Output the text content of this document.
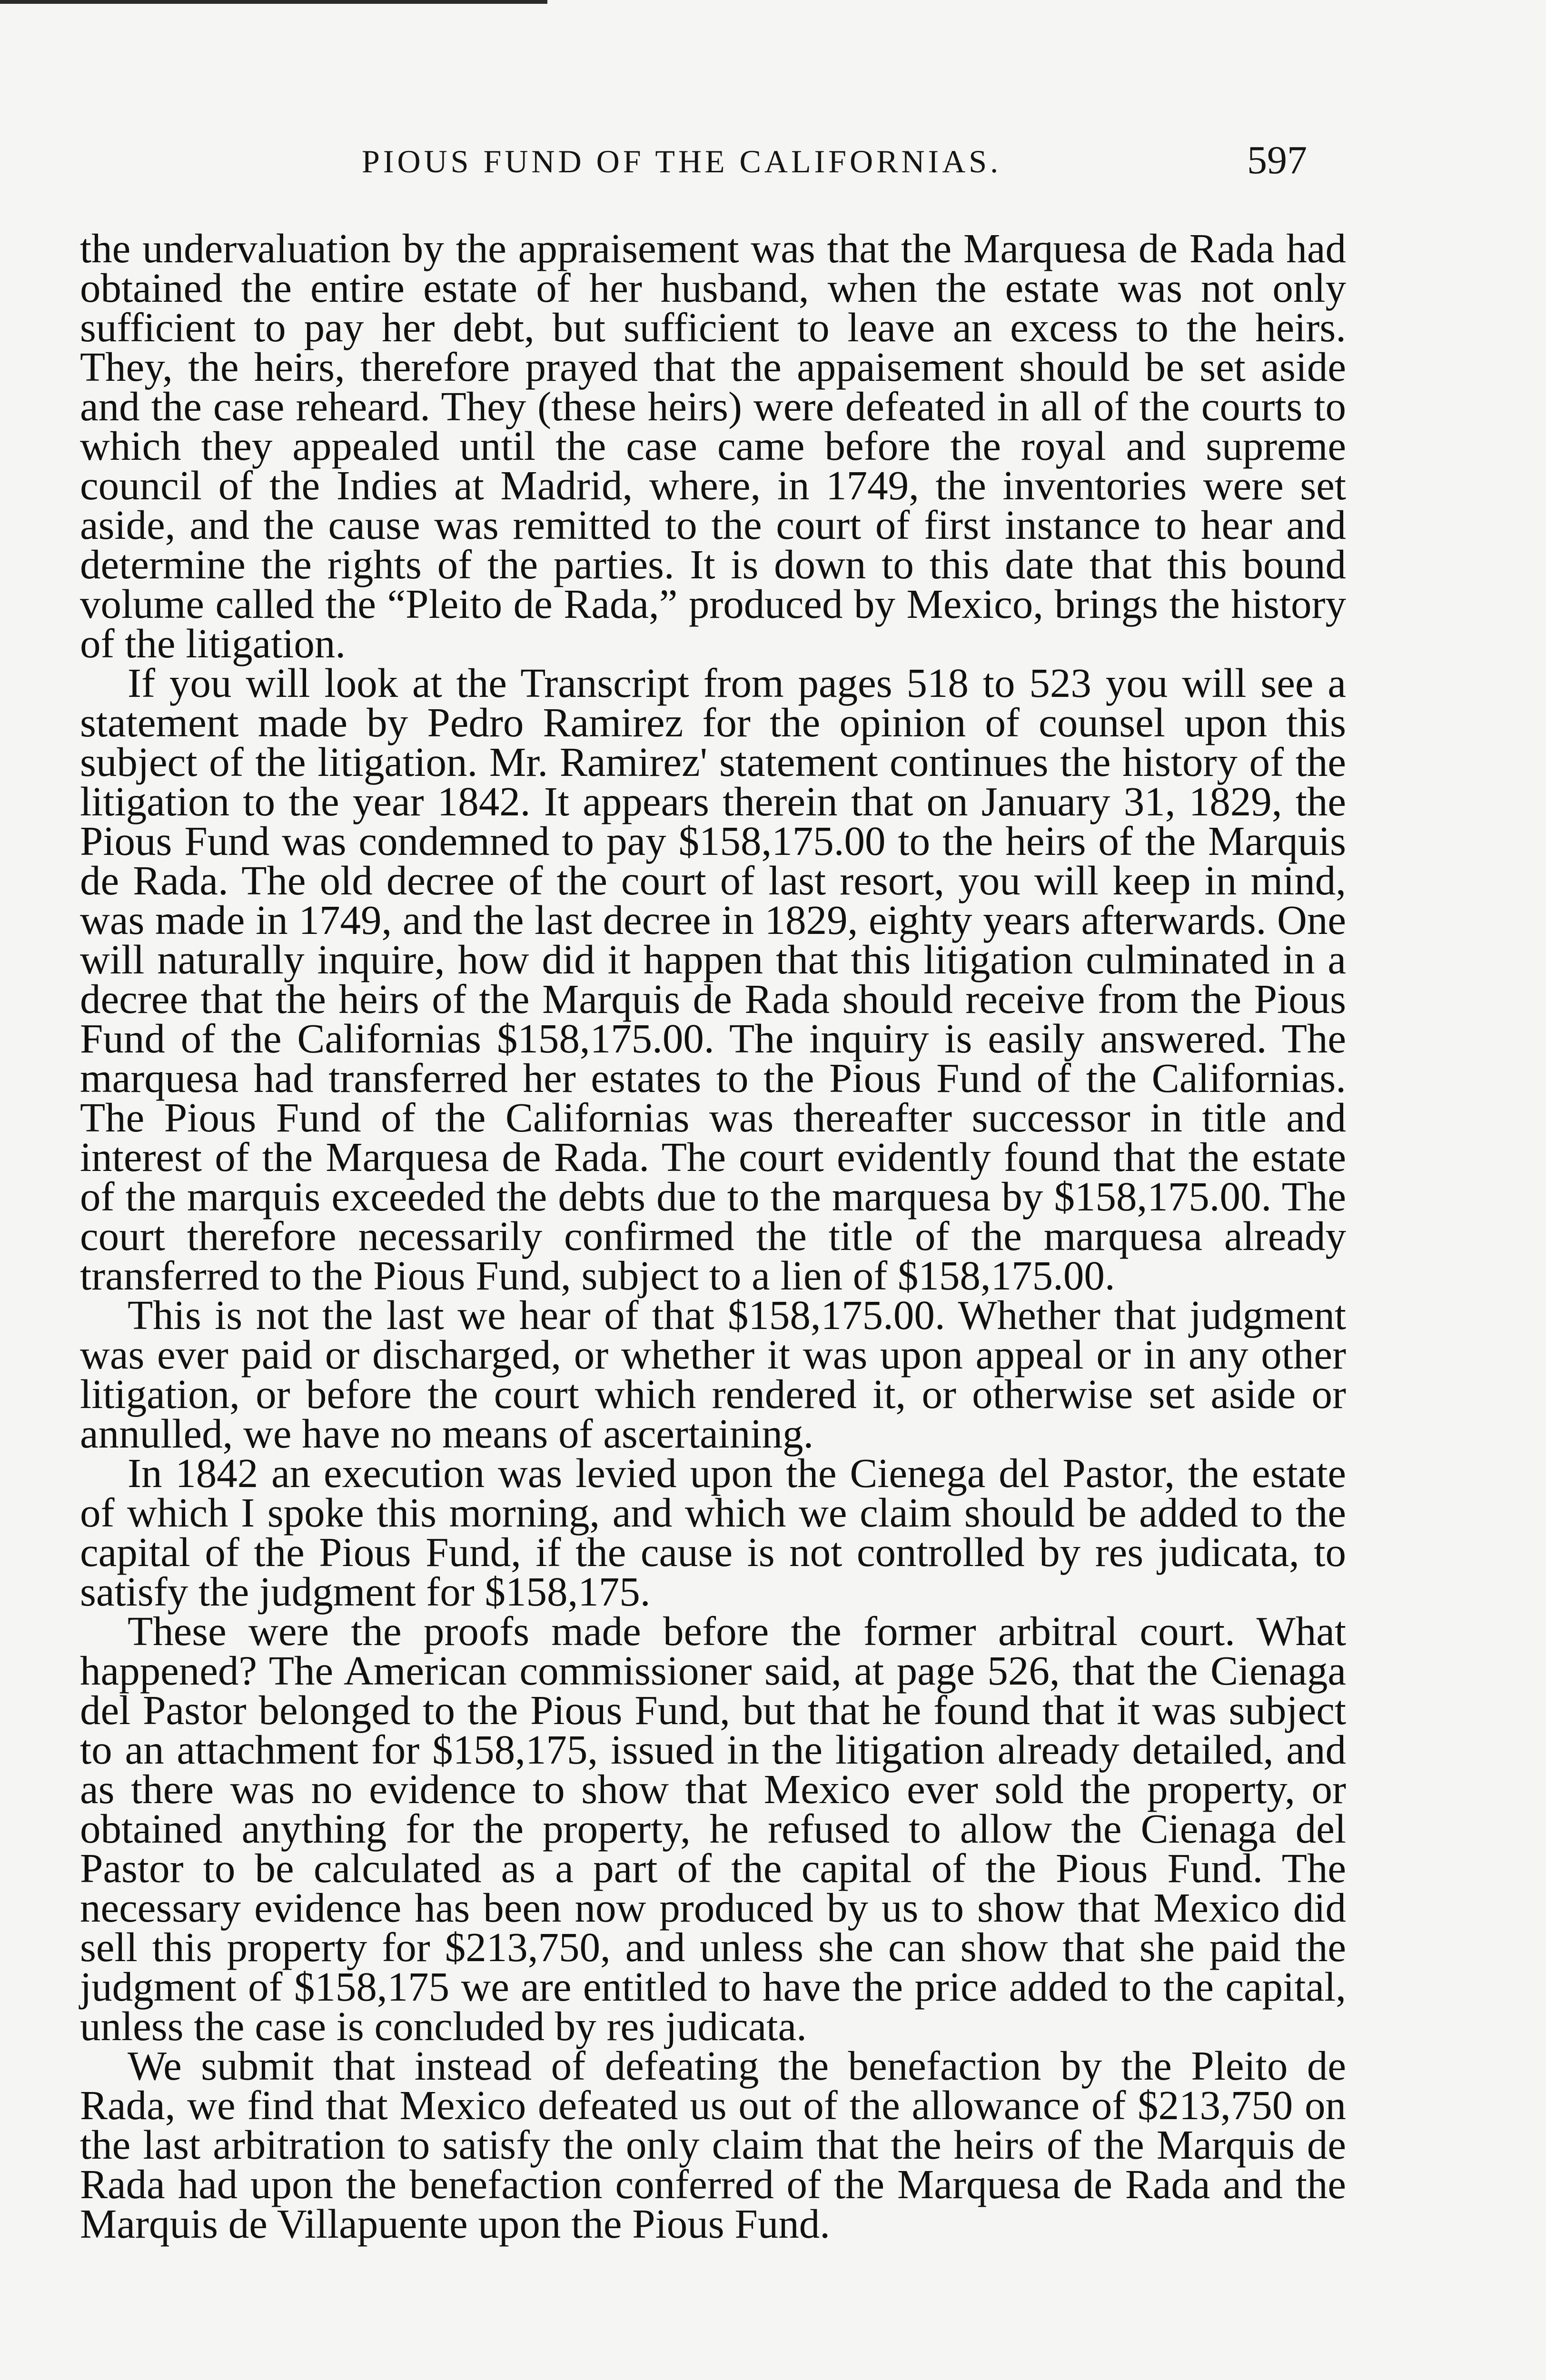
PIOUS FUND OF THE CALIFORNIAS.	597

the undervaluation by the appraisement was that the Marquesa de Rada had obtained the entire estate of her husband, when the estate was not only sufficient to pay her debt, but sufficient to leave an excess to the heirs. They, the heirs, therefore prayed that the appaisement should be set aside and the case reheard. They (these heirs) were defeated in all of the courts to which they appealed until the case came before the royal and supreme council of the Indies at Madrid, where, in 1749, the inventories were set aside, and the cause was remitted to the court of first instance to hear and determine the rights of the parties. It is down to this date that this bound volume called the “Pleito de Rada,” produced by Mexico, brings the history of the litigation.

If you will look at the Transcript from pages 518 to 523 you will see a statement made by Pedro Ramirez for the opinion of counsel upon this subject of the litigation. Mr. Ramirez' statement continues the history of the litigation to the year 1842. It appears therein that on January 31, 1829, the Pious Fund was condemned to pay $158,175.00 to the heirs of the Marquis de Rada. The old decree of the court of last resort, you will keep in mind, was made in 1749, and the last decree in 1829, eighty years afterwards. One will naturally inquire, how did it happen that this litigation culminated in a decree that the heirs of the Marquis de Rada should receive from the Pious Fund of the Californias $158,175.00. The inquiry is easily answered. The marquesa had transferred her estates to the Pious Fund of the Californias. The Pious Fund of the Californias was thereafter successor in title and interest of the Marquesa de Rada. The court evidently found that the estate of the marquis exceeded the debts due to the marquesa by $158,175.00. The court therefore necessarily confirmed the title of the marquesa already transferred to the Pious Fund, subject to a lien of $158,175.00.

This is not the last we hear of that $158,175.00. Whether that judgment was ever paid or discharged, or whether it was upon appeal or in any other litigation, or before the court which rendered it, or otherwise set aside or annulled, we have no means of ascertaining.

In 1842 an execution was levied upon the Cienega del Pastor, the estate of which I spoke this morning, and which we claim should be added to the capital of the Pious Fund, if the cause is not controlled by res judicata, to satisfy the judgment for $158,175.

These were the proofs made before the former arbitral court. What happened? The American commissioner said, at page 526, that the Cienaga del Pastor belonged to the Pious Fund, but that he found that it was subject to an attachment for $158,175, issued in the litigation already detailed, and as there was no evidence to show that Mexico ever sold the property, or obtained anything for the property, he refused to allow the Cienaga del Pastor to be calculated as a part of the capital of the Pious Fund. The necessary evidence has been now produced by us to show that Mexico did sell this property for $213,750, and unless she can show that she paid the judgment of $158,175 we are entitled to have the price added to the capital, unless the case is concluded by res judicata.

We submit that instead of defeating the benefaction by the Pleito de Rada, we find that Mexico defeated us out of the allowance of $213,750 on the last arbitration to satisfy the only claim that the heirs of the Marquis de Rada had upon the benefaction conferred of the Marquesa de Rada and the Marquis de Villapuente upon the Pious Fund.
